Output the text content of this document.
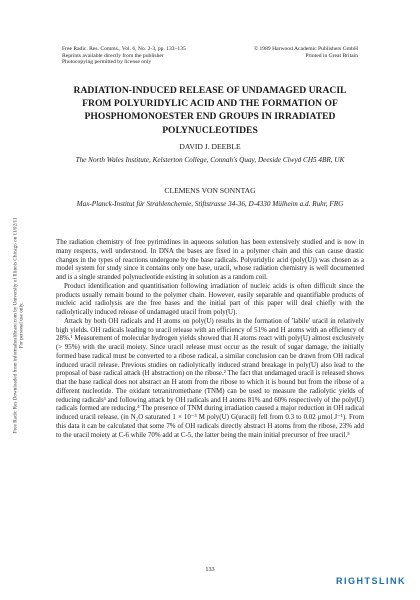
Free Radic. Res. Comms., Vol. 6, No. 2-3, pp. 133–135
Reprints available directly from the publisher
Photocopying permitted by license only
© 1989 Harwood Academic Publishers GmbH
Printed in Great Britain
RADIATION-INDUCED RELEASE OF UNDAMAGED URACIL FROM POLYURIDYLIC ACID AND THE FORMATION OF PHOSPHOMONOESTER END GROUPS IN IRRADIATED POLYNUCLEOTIDES
DAVID J. DEEBLE
The North Wales Institute, Kelsterton College, Connah's Quay, Deeside Clwyd CH5 4BR, UK
CLEMENS VON SONNTAG
Max-Planck-Institut für Strahlenchemie, Stiftstrasse 34-36, D-4330 Mülheim a.d. Ruhr, FRG

The radiation chemistry of free pyrimidines in aqueous solution has been extensively studied and is now in many respects, well understood. In DNA the bases are fixed in a polymer chain and this can cause drastic changes in the types of reactions undergone by the base radicals. Polyuridylic acid (poly(U)) was chosen as a model system for study since it contains only one base, uracil, whose radiation chemistry is well documented and is a single stranded polynucleotide existing in solution as a random coil.

Product identification and quantitisation following irradiation of nucleic acids is often difficult since the products usually remain bound to the polymer chain. However, easily separable and quantifiable products of nucleic acid radiolysis are the free bases and the initial part of this paper will deal chiefly with the radiolytically induced release of undamaged uracil from poly(U).

Attack by both OH radicals and H atoms on poly(U) results in the formation of 'labile' uracil in relatively high yields. OH radicals leading to uracil release with an efficiency of 51% and H atoms with an efficiency of 28%.¹ Measurement of molecular hydrogen yields showed that H atoms react with poly(U) almost exclusively (> 95%) with the uracil moiety. Since uracil release must occur as the result of sugar damage, the initially formed base radical must be converted to a ribose radical, a similar conclusion can be drawn from OH radical induced uracil release. Previous studies on radiolytically induced strand breakage in poly(U) also lead to the proposal of base radical attack (H abstraction) on the ribose.² The fact that undamaged uracil is released shows that the base radical does not abstract an H atom from the ribose to which it is bound but from the ribose of a different nucleotide. The oxidant tetranitromethane (TNM) can be used to measure the radiolytic yields of reducing radicals³ and following attack by OH radicals and H atoms 81% and 60% respectively of the poly(U) radicals formed are reducing.⁴ The presence of TNM during irradiation caused a major reduction in OH radical induced uracil release, (in N₂O saturated 1 × 10⁻³ M poly(U) G(uracil) fell from 0.3 to 0.02 μmol J⁻¹). From this data it can be calculated that some 7% of OH radicals directly abstract H atoms from the ribose, 23% add to the uracil moiety at C-6 while 70% add at C-5, the latter being the main initial precursor of free uracil.⁵

133
Free Radic Res Downloaded from informahealthcare.com by University of Illinois Chicago on 11/02/11 For personal use only.
RIGHTSLINK
